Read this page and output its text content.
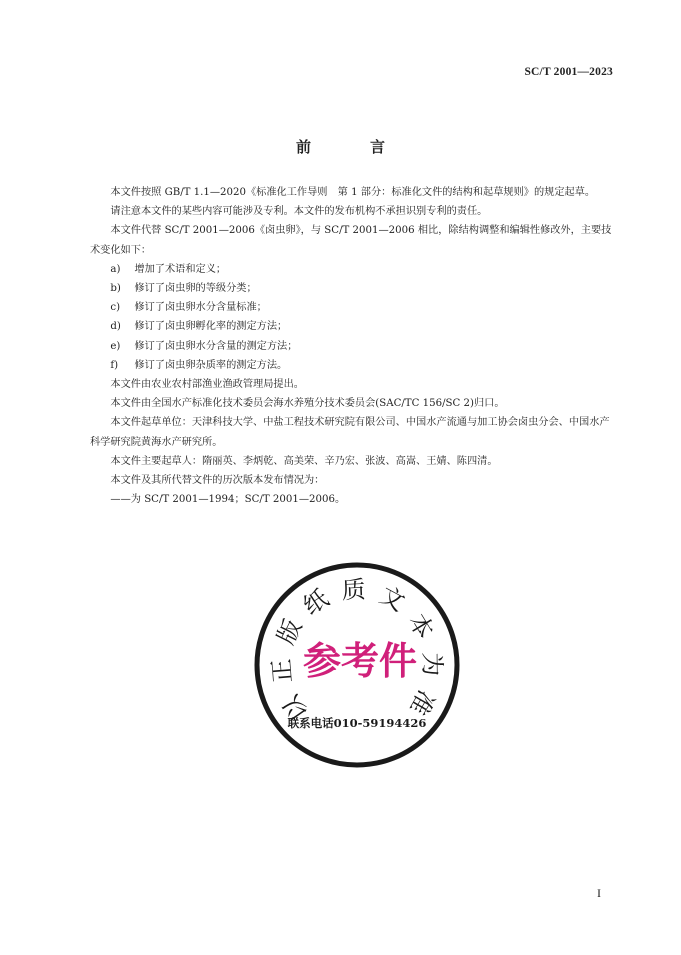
SC/T 2001—2023
前　言

本文件按照 GB/T 1.1—2020《标准化工作导则　第 1 部分：标准化文件的结构和起草规则》的规定起草。

请注意本文件的某些内容可能涉及专利。本文件的发布机构不承担识别专利的责任。

本文件代替 SC/T 2001—2006《卤虫卵》，与 SC/T 2001—2006 相比，除结构调整和编辑性修改外，主要技术变化如下：

a) 增加了术语和定义；

b) 修订了卤虫卵的等级分类；

c) 修订了卤虫卵水分含量标准；

d) 修订了卤虫卵孵化率的测定方法；

e) 修订了卤虫卵水分含量的测定方法；

f) 修订了卤虫卵杂质率的测定方法。

本文件由农业农村部渔业渔政管理局提出。

本文件由全国水产标准化技术委员会海水养殖分技术委员会(SAC/TC 156/SC 2)归口。

本文件起草单位：天津科技大学、中盐工程技术研究院有限公司、中国水产流通与加工协会卤虫分会、中国水产科学研究院黄海水产研究所。

本文件主要起草人：隋丽英、李炳乾、高美荣、辛乃宏、张波、高嵩、王婧、陈四清。

本文件及其所代替文件的历次版本发布情况为：

——为 SC/T 2001—1994；SC/T 2001—2006。

以
正
版
纸 质 文
本
为
准
参考件
联系电话010-59194426
I
